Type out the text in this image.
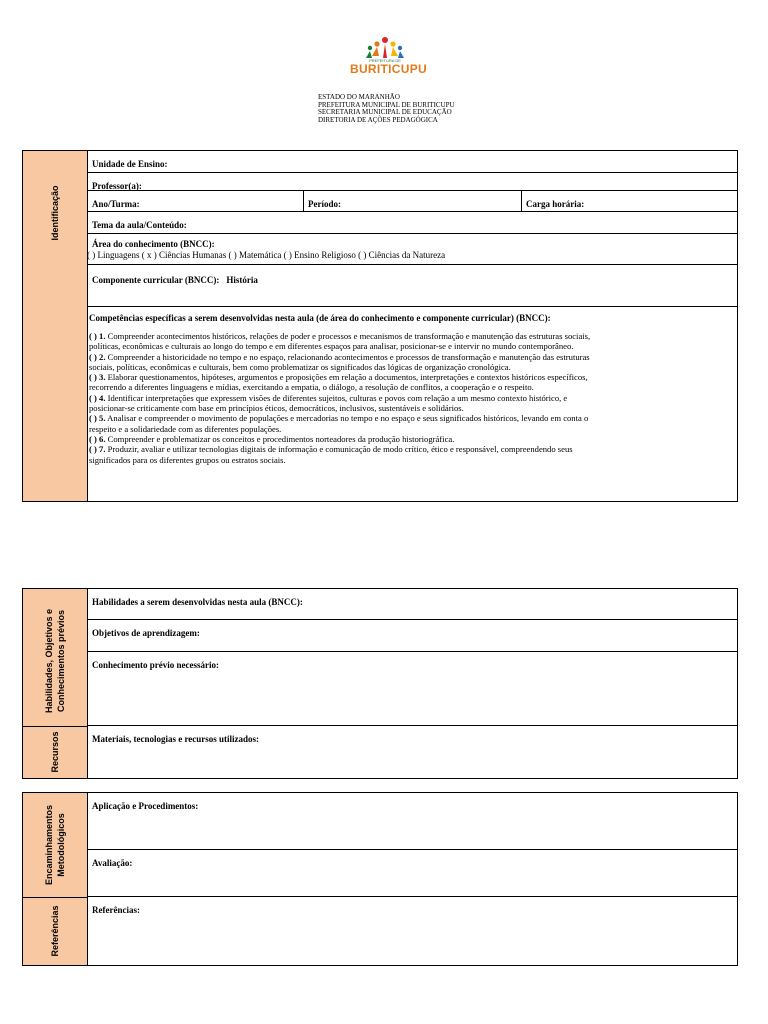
PREFEITURA DE
BURITICUPU
ESTADO DO MARANHÃO
PREFEITURA MUNICIPAL DE BURITICUPU
SECRETARIA MUNICIPAL DE EDUCAÇÃO
DIRETORIA DE AÇÕES PEDAGÓGICA
Identificação
Unidade de Ensino:
Professor(a):
Ano/Turma:	Período:	Carga horária:
Tema da aula/Conteúdo:
Área do conhecimento (BNCC):
( ) Linguagens ( x ) Ciências Humanas ( ) Matemática ( ) Ensino Religioso ( ) Ciências da Natureza
Componente curricular (BNCC): História
Competências específicas a serem desenvolvidas nesta aula (de área do conhecimento e componente curricular) (BNCC):
( ) 1. Compreender acontecimentos históricos, relações de poder e processos e mecanismos de transformação e manutenção das estruturas sociais,
políticas, econômicas e culturais ao longo do tempo e em diferentes espaços para analisar, posicionar-se e intervir no mundo contemporâneo.
( ) 2. Compreender a historicidade no tempo e no espaço, relacionando acontecimentos e processos de transformação e manutenção das estruturas
sociais, políticas, econômicas e culturais, bem como problematizar os significados das lógicas de organização cronológica.
( ) 3. Elaborar questionamentos, hipóteses, argumentos e proposições em relação a documentos, interpretações e contextos históricos específicos,
recorrendo a diferentes linguagens e mídias, exercitando a empatia, o diálogo, a resolução de conflitos, a cooperação e o respeito.
( ) 4. Identificar interpretações que expressem visões de diferentes sujeitos, culturas e povos com relação a um mesmo contexto histórico, e
posicionar-se criticamente com base em princípios éticos, democráticos, inclusivos, sustentáveis e solidários.
( ) 5. Analisar e compreender o movimento de populações e mercadorias no tempo e no espaço e seus significados históricos, levando em conta o
respeito e a solidariedade com as diferentes populações.
( ) 6. Compreender e problematizar os conceitos e procedimentos norteadores da produção historiográfica.
( ) 7. Produzir, avaliar e utilizar tecnologias digitais de informação e comunicação de modo crítico, ético e responsável, compreendendo seus
significados para os diferentes grupos ou estratos sociais.
Habilidades, Objetivos e Conhecimentos prévios
Recursos
Habilidades a serem desenvolvidas nesta aula (BNCC):
Objetivos de aprendizagem:
Conhecimento prévio necessário:
Materiais, tecnologias e recursos utilizados:
Encaminhamentos Metodológicos
Referências
Aplicação e Procedimentos:
Avaliação:
Referências:
